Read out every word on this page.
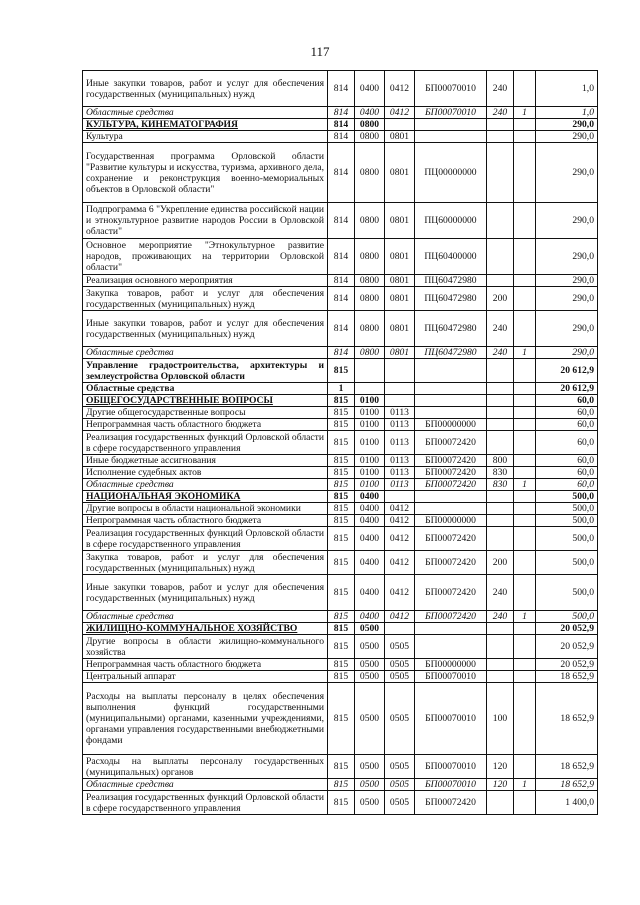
117
Иные закупки товаров, работ и услуг для обеспечения государственных (муниципальных) нужд	814	0400	0412	БП00070010	240		1,0
Областные средства	814	0400	0412	БП00070010	240	1	1,0
КУЛЬТУРА, КИНЕМАТОГРАФИЯ	814	0800					290,0
Культура	814	0800	0801				290,0
Государственная программа Орловской области "Развитие культуры и искусства, туризма, архивного дела, сохранение и реконструкция военно-мемориальных объектов в Орловской области"	814	0800	0801	ПЦ00000000			290,0
Подпрограмма 6 "Укрепление единства российской нации и этнокультурное развитие народов России в Орловской области"	814	0800	0801	ПЦ60000000			290,0
Основное мероприятие "Этнокультурное развитие народов, проживающих на территории Орловской области"	814	0800	0801	ПЦ60400000			290,0
Реализация основного мероприятия	814	0800	0801	ПЦ60472980			290,0
Закупка товаров, работ и услуг для обеспечения государственных (муниципальных) нужд	814	0800	0801	ПЦ60472980	200		290,0
Иные закупки товаров, работ и услуг для обеспечения государственных (муниципальных) нужд	814	0800	0801	ПЦ60472980	240		290,0
Областные средства	814	0800	0801	ПЦ60472980	240	1	290,0
Управление градостроительства, архитектуры и землеустройства Орловской области	815						20 612,9
Областные средства	1						20 612,9
ОБЩЕГОСУДАРСТВЕННЫЕ ВОПРОСЫ	815	0100					60,0
Другие общегосударственные вопросы	815	0100	0113				60,0
Непрограммная часть областного бюджета	815	0100	0113	БП00000000			60,0
Реализация государственных функций Орловской области в сфере государственного управления	815	0100	0113	БП00072420			60,0
Иные бюджетные ассигнования	815	0100	0113	БП00072420	800		60,0
Исполнение судебных актов	815	0100	0113	БП00072420	830		60,0
Областные средства	815	0100	0113	БП00072420	830	1	60,0
НАЦИОНАЛЬНАЯ ЭКОНОМИКА	815	0400					500,0
Другие вопросы в области национальной экономики	815	0400	0412				500,0
Непрограммная часть областного бюджета	815	0400	0412	БП00000000			500,0
Реализация государственных функций Орловской области в сфере государственного управления	815	0400	0412	БП00072420			500,0
Закупка товаров, работ и услуг для обеспечения государственных (муниципальных) нужд	815	0400	0412	БП00072420	200		500,0
Иные закупки товаров, работ и услуг для обеспечения государственных (муниципальных) нужд	815	0400	0412	БП00072420	240		500,0
Областные средства	815	0400	0412	БП00072420	240	1	500,0
ЖИЛИЩНО-КОММУНАЛЬНОЕ ХОЗЯЙСТВО	815	0500					20 052,9
Другие вопросы в области жилищно-коммунального хозяйства	815	0500	0505				20 052,9
Непрограммная часть областного бюджета	815	0500	0505	БП00000000			20 052,9
Центральный аппарат	815	0500	0505	БП00070010			18 652,9
Расходы на выплаты персоналу в целях обеспечения выполнения функций государственными (муниципальными) органами, казенными учреждениями, органами управления государственными внебюджетными фондами	815	0500	0505	БП00070010	100		18 652,9
Расходы на выплаты персоналу государственных (муниципальных) органов	815	0500	0505	БП00070010	120		18 652,9
Областные средства	815	0500	0505	БП00070010	120	1	18 652,9
Реализация государственных функций Орловской области в сфере государственного управления	815	0500	0505	БП00072420			1 400,0
